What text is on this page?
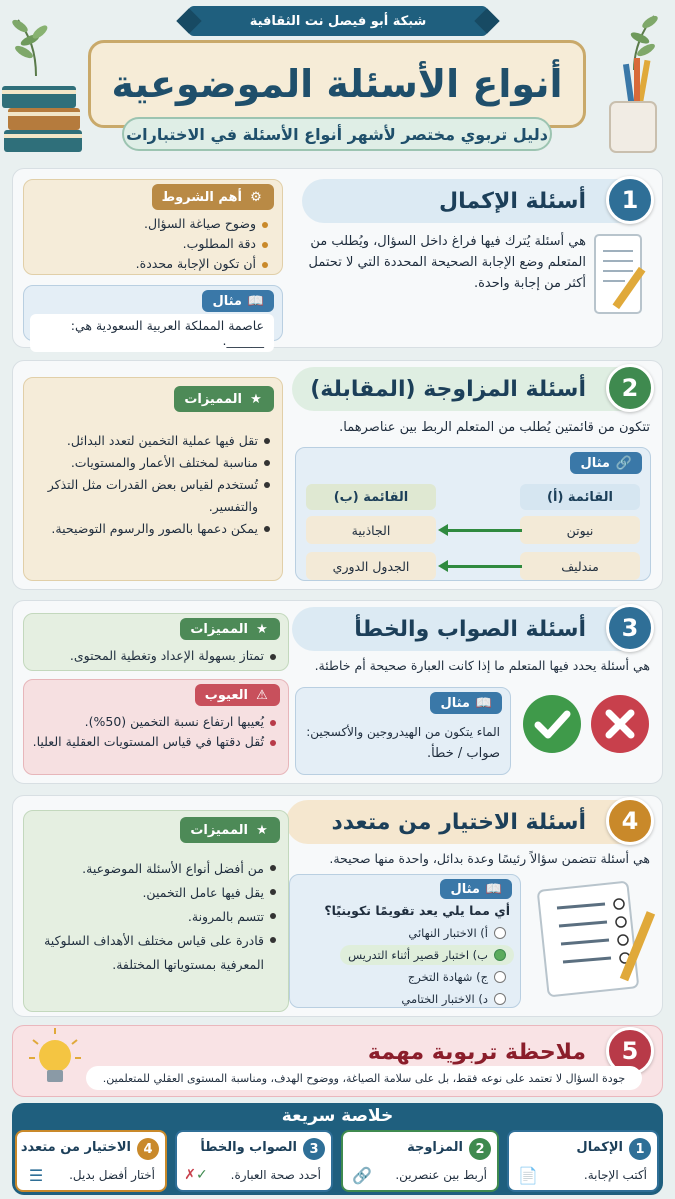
شبكة أبو فيصل نت الثقافية
أنواع الأسئلة الموضوعية
دليل تربوي مختصر لأشهر أنواع الأسئلة في الاختبارات
1
أسئلة الإكمال
هي أسئلة يُترك فيها فراغ داخل السؤال، ويُطلب من المتعلم وضع الإجابة الصحيحة المحددة التي لا تحتمل أكثر من إجابة واحدة.
⚙
أهم الشروط
وضوح صياغة السؤال.
دقة المطلوب.
أن تكون الإجابة محددة.
📖
مثال
عاصمة المملكة العربية السعودية هي: ______.
2
أسئلة المزاوجة (المقابلة)
تتكون من قائمتين يُطلب من المتعلم الربط بين عناصرهما.
★
المميزات
تقل فيها عملية التخمين لتعدد البدائل.
مناسبة لمختلف الأعمار والمستويات.
تُستخدم لقياس بعض القدرات مثل التذكر والتفسير.
يمكن دعمها بالصور والرسوم التوضيحية.
🔗
مثال
القائمة (أ)
القائمة (ب)
نيوتن
مندليف
الجاذبية
الجدول الدوري
3
أسئلة الصواب والخطأ
هي أسئلة يحدد فيها المتعلم ما إذا كانت العبارة صحيحة أم خاطئة.
★
المميزات
تمتاز بسهولة الإعداد وتغطية المحتوى.
⚠
العيوب
يُعيبها ارتفاع نسبة التخمين (50%).
تُقل دقتها في قياس المستويات العقلية العليا.
📖
مثال
الماء يتكون من الهيدروجين والأكسجين:
صواب / خطأ.
4
أسئلة الاختيار من متعدد
هي أسئلة تتضمن سؤالاً رئيسًا وعدة بدائل، واحدة منها صحيحة.
★
المميزات
من أفضل أنواع الأسئلة الموضوعية.
يقل فيها عامل التخمين.
تتسم بالمرونة.
قادرة على قياس مختلف الأهداف السلوكية المعرفية بمستوياتها المختلفة.
📖
مثال
أي مما يلي يعد تقويمًا تكوينيًا؟
أ) الاختبار النهائي
ب) اختبار قصير أثناء التدريس
ج) شهادة التخرج
د) الاختبار الختامي
5
ملاحظة تربوية مهمة
جودة السؤال لا تعتمد على نوعه فقط، بل على سلامة الصياغة، ووضوح الهدف، ومناسبة المستوى العقلي للمتعلمين.
خلاصة سريعة
1
الإكمال
أكتب الإجابة.
📄
2
المزاوجة
أربط بين عنصرين.
🔗
3
الصواب والخطأ
أحدد صحة العبارة.
✓
✗
4
الاختيار من متعدد
أختار أفضل بديل.
☰
